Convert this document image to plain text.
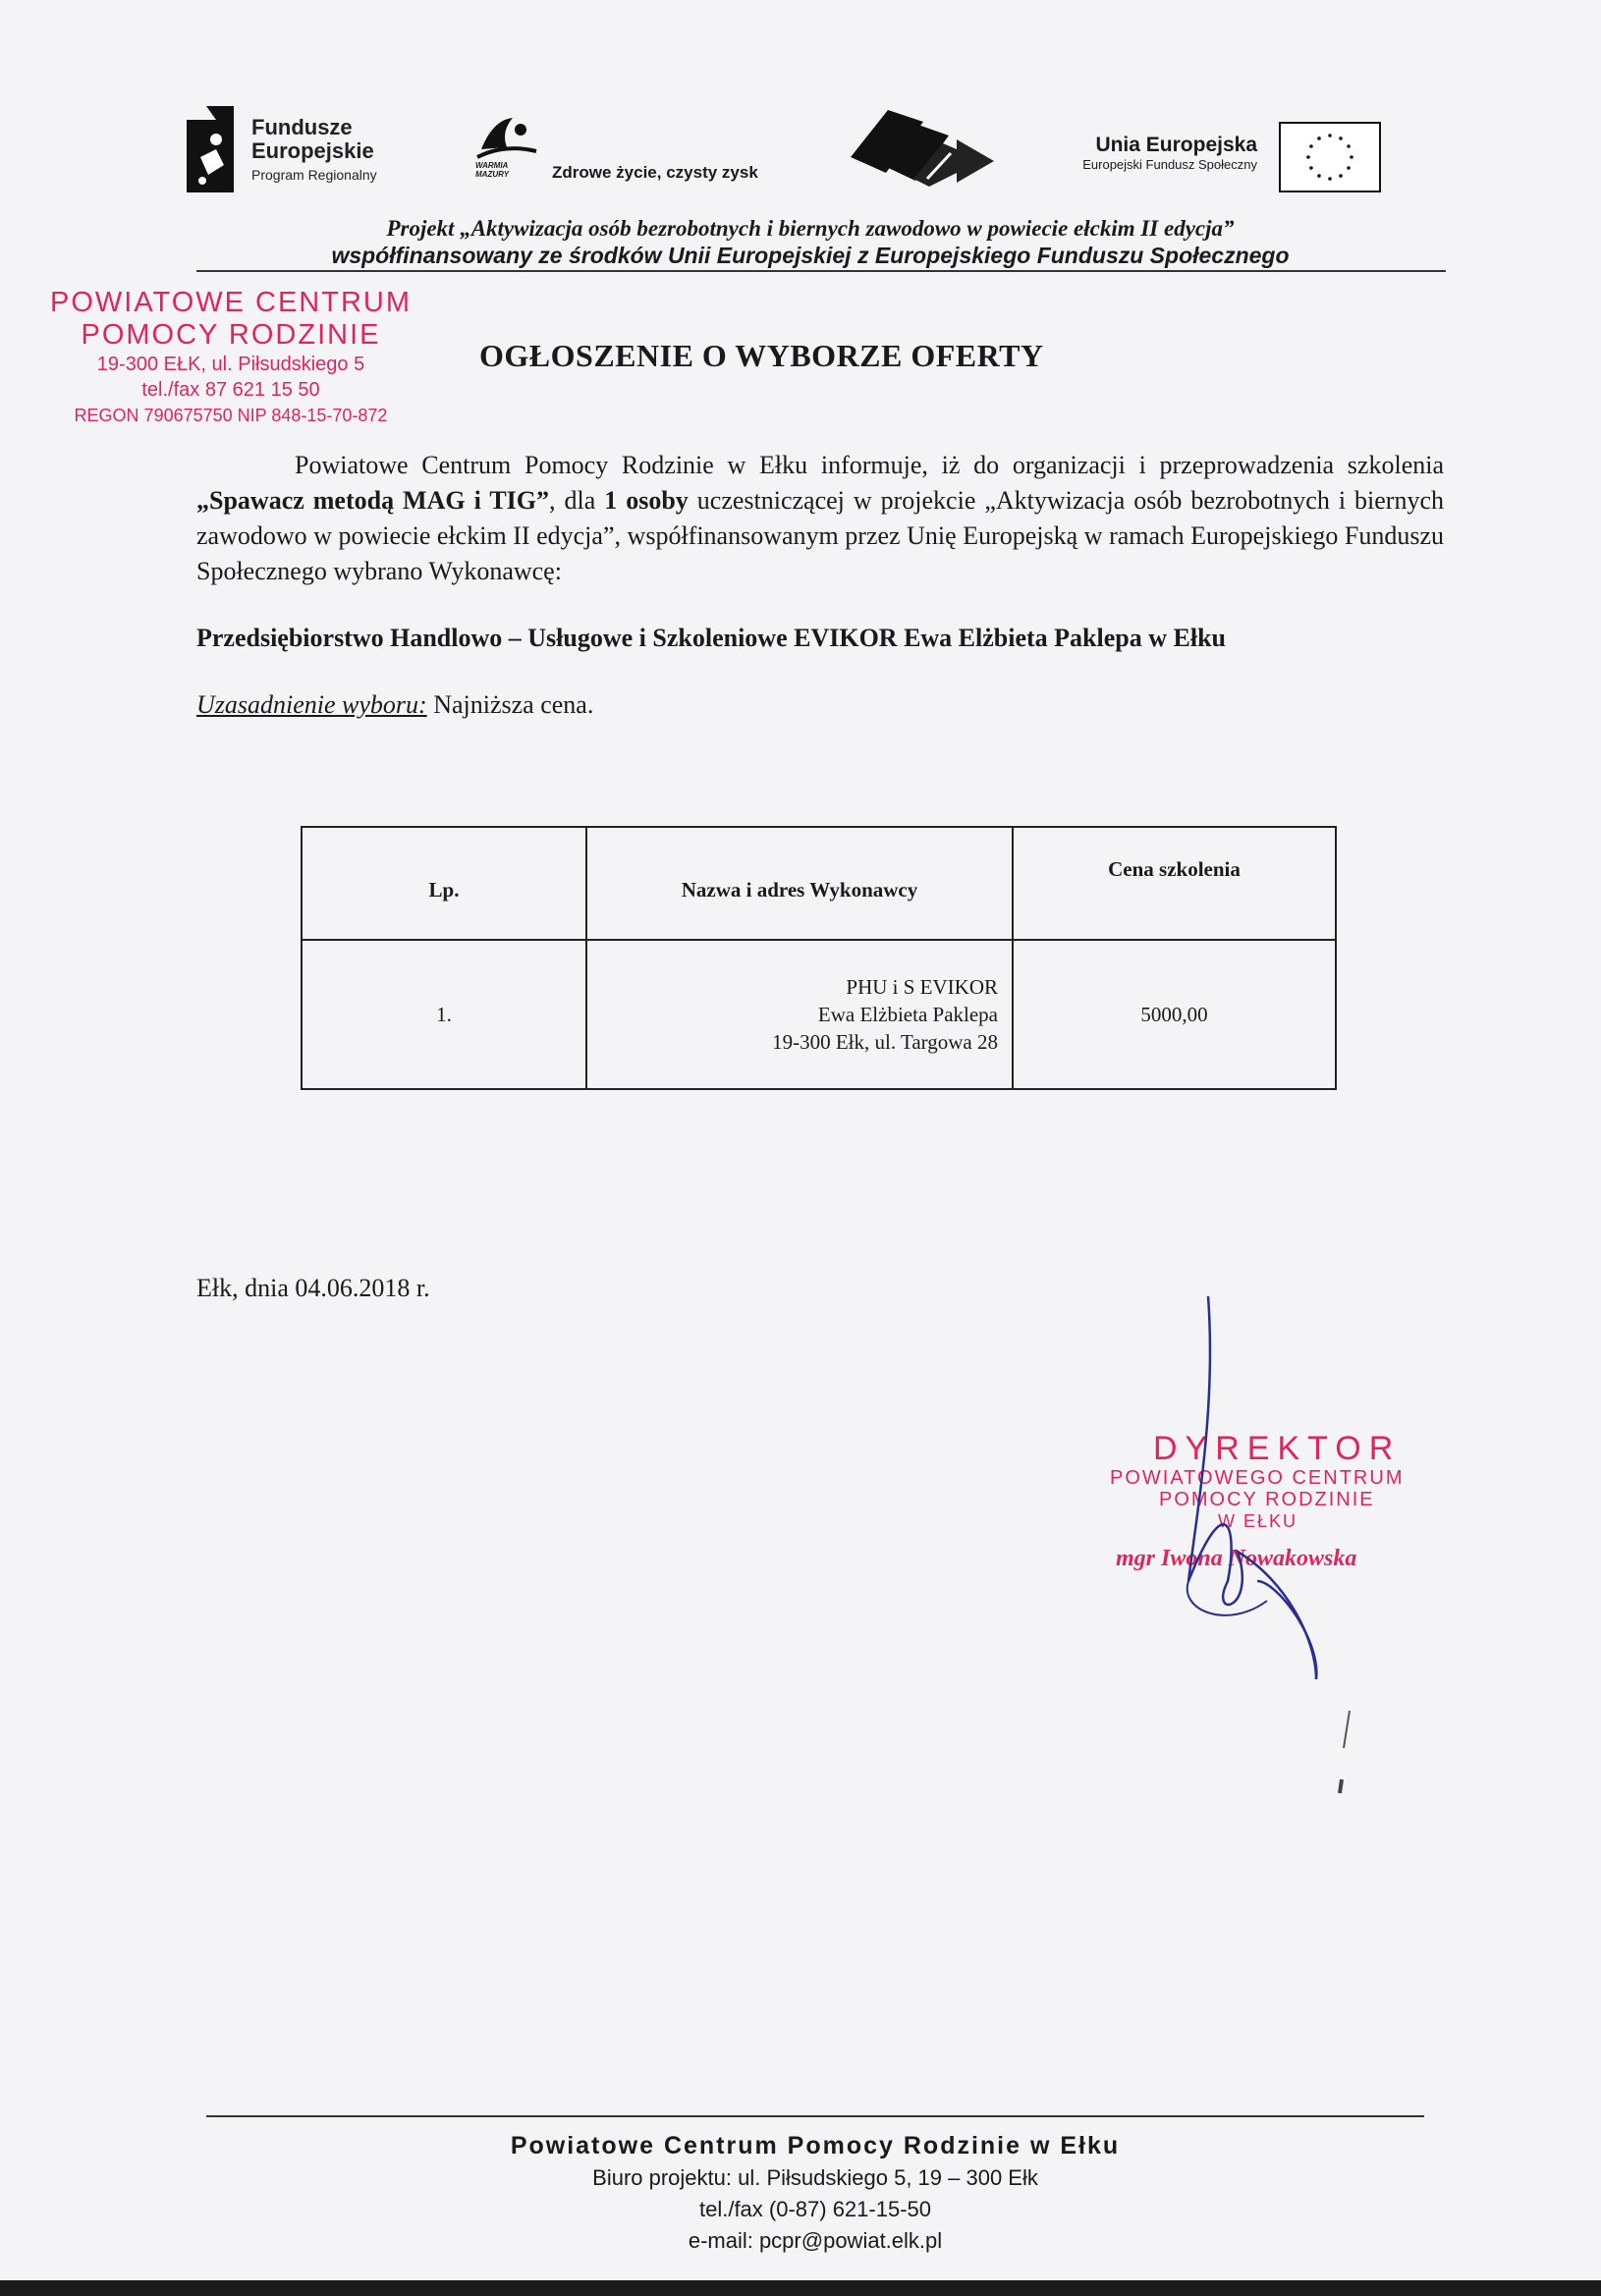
Fundusze
Europejskie
Program Regionalny
WARMIA MAZURY	Zdrowe życie, czysty zysk
Unia Europejska
Europejski Fundusz Społeczny
Projekt „Aktywizacja osób bezrobotnych i biernych zawodowo w powiecie ełckim II edycja”
współfinansowany ze środków Unii Europejskiej z Europejskiego Funduszu Społecznego
POWIATOWE CENTRUM
POMOCY RODZINIE
19-300 EŁK, ul. Piłsudskiego 5
tel./fax 87 621 15 50
REGON 790675750 NIP 848-15-70-872
OGŁOSZENIE O WYBORZE OFERTY
Powiatowe Centrum Pomocy Rodzinie w Ełku informuje, iż do organizacji i przeprowadzenia szkolenia „Spawacz metodą MAG i TIG”, dla 1 osoby uczestniczącej w projekcie „Aktywizacja osób bezrobotnych i biernych zawodowo w powiecie ełckim II edycja”, współfinansowanym przez Unię Europejską w ramach Europejskiego Funduszu Społecznego wybrano Wykonawcę:
Przedsiębiorstwo Handlowo – Usługowe i Szkoleniowe EVIKOR Ewa Elżbieta Paklepa w Ełku
Uzasadnienie wyboru: Najniższa cena.
Lp.	Nazwa i adres Wykonawcy	Cena szkolenia
1.	PHU i S EVIKOR
Ewa Elżbieta Paklepa
19-300 Ełk, ul. Targowa 28	5000,00
Ełk, dnia 04.06.2018 r.
DYREKTOR
POWIATOWEGO CENTRUM
POMOCY RODZINIE
W EŁKU
mgr Iwona Nowakowska
Powiatowe Centrum Pomocy Rodzinie w Ełku
Biuro projektu: ul. Piłsudskiego 5, 19 – 300 Ełk
tel./fax (0-87) 621-15-50
e-mail: pcpr@powiat.elk.pl
